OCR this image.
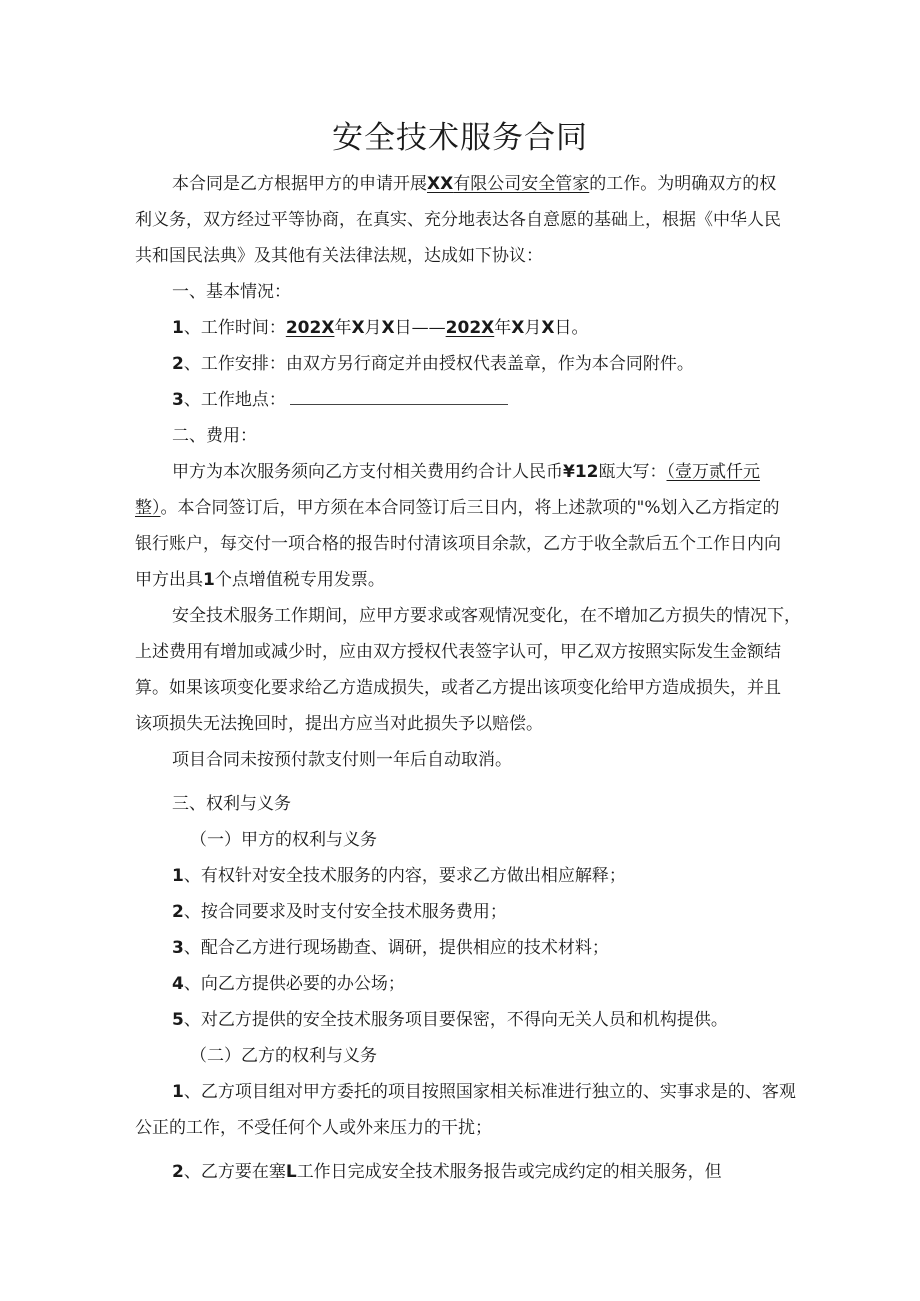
安全技术服务合同
本合同是乙方根据甲方的申请开展XX有限公司安全管家的工作。为明确双方的权
利义务，双方经过平等协商，在真实、充分地表达各自意愿的基础上，根据《中华人民
共和国民法典》及其他有关法律法规，达成如下协议：
一、基本情况：
1、工作时间：202X年X月X日——202X年X月X日。
2、工作安排：由双方另行商定并由授权代表盖章，作为本合同附件。
3、工作地点：
二、费用：
甲方为本次服务须向乙方支付相关费用约合计人民币¥12瓯大写：（壹万贰仟元
整）。本合同签订后，甲方须在本合同签订后三日内，将上述款项的"%划入乙方指定的
银行账户，每交付一项合格的报告时付清该项目余款，乙方于收全款后五个工作日内向
甲方出具1个点增值税专用发票。
安全技术服务工作期间，应甲方要求或客观情况变化，在不增加乙方损失的情况下，
上述费用有增加或减少时，应由双方授权代表签字认可，甲乙双方按照实际发生金额结
算。如果该项变化要求给乙方造成损失，或者乙方提出该项变化给甲方造成损失，并且
该项损失无法挽回时，提出方应当对此损失予以赔偿。
项目合同未按预付款支付则一年后自动取消。
三、权利与义务
（一）甲方的权利与义务
1、有权针对安全技术服务的内容，要求乙方做出相应解释；
2、按合同要求及时支付安全技术服务费用；
3、配合乙方进行现场勘查、调研，提供相应的技术材料；
4、向乙方提供必要的办公场；
5、对乙方提供的安全技术服务项目要保密，不得向无关人员和机构提供。
（二）乙方的权利与义务
1、乙方项目组对甲方委托的项目按照国家相关标准进行独立的、实事求是的、客观
公正的工作，不受任何个人或外来压力的干扰；
2、乙方要在塞L工作日完成安全技术服务报告或完成约定的相关服务，但
